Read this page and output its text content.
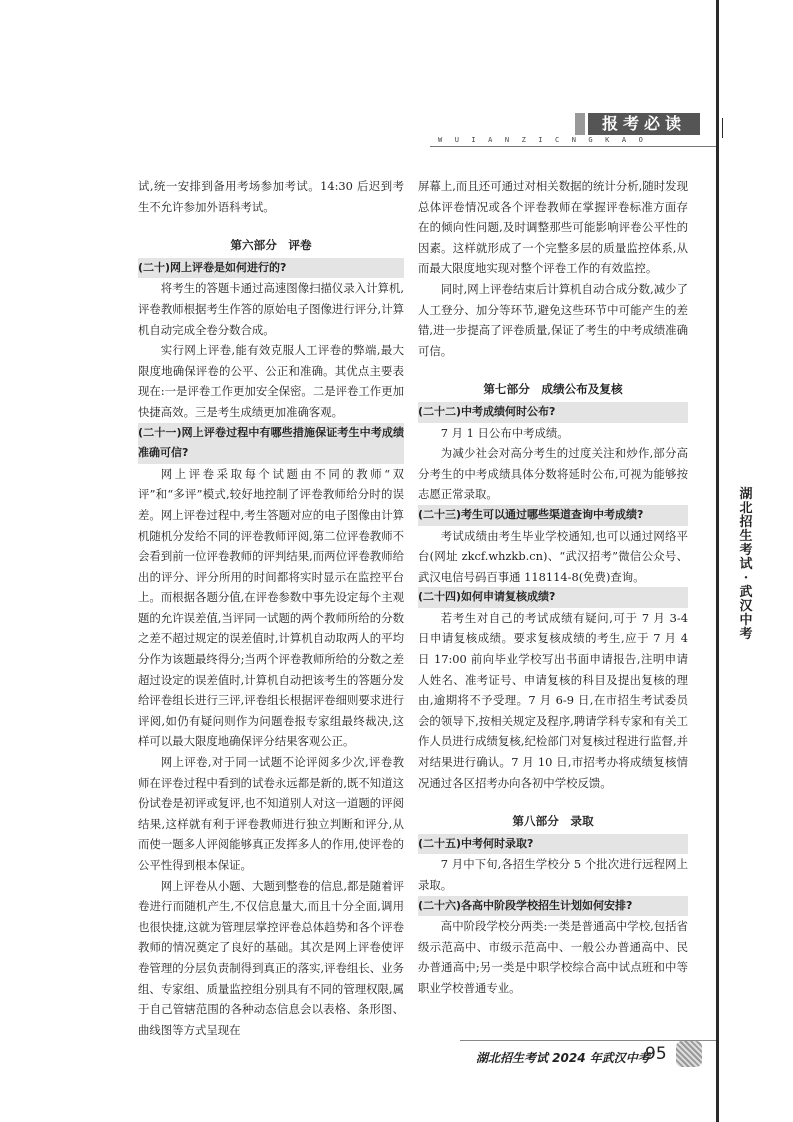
报考必读
WUIANZICNGKAO

试,统一安排到备用考场参加考试。14:30 后迟到考生不允许参加外语科考试。

第六部分　评卷

(二十)网上评卷是如何进行的?

将考生的答题卡通过高速图像扫描仪录入计算机,评卷教师根据考生作答的原始电子图像进行评分,计算机自动完成全卷分数合成。

实行网上评卷,能有效克服人工评卷的弊端,最大限度地确保评卷的公平、公正和准确。其优点主要表现在:一是评卷工作更加安全保密。二是评卷工作更加快捷高效。三是考生成绩更加准确客观。

(二十一)网上评卷过程中有哪些措施保证考生中考成绩准确可信?

网上评卷采取每个试题由不同的教师“双评”和“多评”模式,较好地控制了评卷教师给分时的误差。网上评卷过程中,考生答题对应的电子图像由计算机随机分发给不同的评卷教师评阅,第二位评卷教师不会看到前一位评卷教师的评判结果,而两位评卷教师给出的评分、评分所用的时间都将实时显示在监控平台上。而根据各题分值,在评卷参数中事先设定每个主观题的允许误差值,当评同一试题的两个教师所给的分数之差不超过规定的误差值时,计算机自动取两人的平均分作为该题最终得分;当两个评卷教师所给的分数之差超过设定的误差值时,计算机自动把该考生的答题分发给评卷组长进行三评,评卷组长根据评卷细则要求进行评阅,如仍有疑问则作为问题卷报专家组最终裁决,这样可以最大限度地确保评分结果客观公正。

网上评卷,对于同一试题不论评阅多少次,评卷教师在评卷过程中看到的试卷永远都是新的,既不知道这份试卷是初评或复评,也不知道别人对这一道题的评阅结果,这样就有利于评卷教师进行独立判断和评分,从而使一题多人评阅能够真正发挥多人的作用,使评卷的公平性得到根本保证。

网上评卷从小题、大题到整卷的信息,都是随着评卷进行而随机产生,不仅信息量大,而且十分全面,调用也很快捷,这就为管理层掌控评卷总体趋势和各个评卷教师的情况奠定了良好的基础。其次是网上评卷使评卷管理的分层负责制得到真正的落实,评卷组长、业务组、专家组、质量监控组分别具有不同的管理权限,属于自己管辖范围的各种动态信息会以表格、条形图、曲线图等方式呈现在

屏幕上,而且还可通过对相关数据的统计分析,随时发现总体评卷情况或各个评卷教师在掌握评卷标准方面存在的倾向性问题,及时调整那些可能影响评卷公平性的因素。这样就形成了一个完整多层的质量监控体系,从而最大限度地实现对整个评卷工作的有效监控。

同时,网上评卷结束后计算机自动合成分数,减少了人工登分、加分等环节,避免这些环节中可能产生的差错,进一步提高了评卷质量,保证了考生的中考成绩准确可信。

第七部分　成绩公布及复核

(二十二)中考成绩何时公布?

7 月 1 日公布中考成绩。

为减少社会对高分考生的过度关注和炒作,部分高分考生的中考成绩具体分数将延时公布,可视为能够按志愿正常录取。

(二十三)考生可以通过哪些渠道查询中考成绩?

考试成绩由考生毕业学校通知,也可以通过网络平台(网址 zkcf.whzkb.cn)、“武汉招考”微信公众号、武汉电信号码百事通 118114-8(免费)查询。

(二十四)如何申请复核成绩?

若考生对自己的考试成绩有疑问,可于 7 月 3-4 日申请复核成绩。要求复核成绩的考生,应于 7 月 4 日 17:00 前向毕业学校写出书面申请报告,注明申请人姓名、准考证号、申请复核的科目及提出复核的理由,逾期将不予受理。7 月 6-9 日,在市招生考试委员会的领导下,按相关规定及程序,聘请学科专家和有关工作人员进行成绩复核,纪检部门对复核过程进行监督,并对结果进行确认。7 月 10 日,市招考办将成绩复核情况通过各区招考办向各初中学校反馈。

第八部分　录取

(二十五)中考何时录取?

7 月中下旬,各招生学校分 5 个批次进行远程网上录取。

(二十六)各高中阶段学校招生计划如何安排?

高中阶段学校分两类:一类是普通高中学校,包括省级示范高中、市级示范高中、一般公办普通高中、民办普通高中;另一类是中职学校综合高中试点班和中等职业学校普通专业。

湖北招生考试·武汉中考
湖北招生考试 2024 年武汉中考
95
